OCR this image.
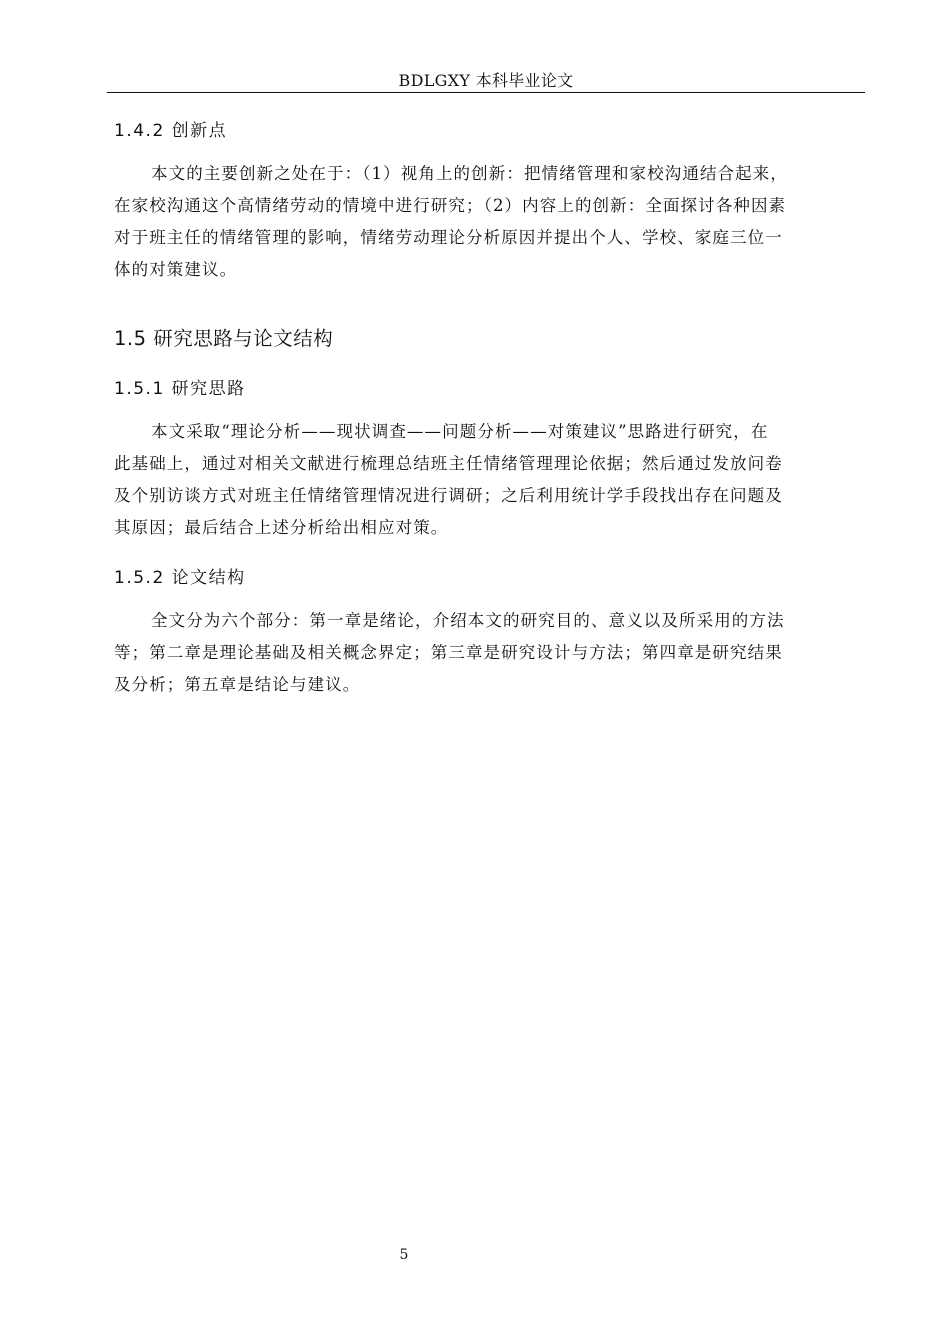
BDLGXY 本科毕业论文
1.4.2 创新点
本文的主要创新之处在于：（1）视角上的创新：把情绪管理和家校沟通结合起来，
在家校沟通这个高情绪劳动的情境中进行研究；（2）内容上的创新：全面探讨各种因素
对于班主任的情绪管理的影响，情绪劳动理论分析原因并提出个人、学校、家庭三位一
体的对策建议。
1.5 研究思路与论文结构
1.5.1 研究思路
本文采取“理论分析——现状调查——问题分析——对策建议”思路进行研究，在
此基础上，通过对相关文献进行梳理总结班主任情绪管理理论依据；然后通过发放问卷
及个别访谈方式对班主任情绪管理情况进行调研；之后利用统计学手段找出存在问题及
其原因；最后结合上述分析给出相应对策。
1.5.2 论文结构
全文分为六个部分：第一章是绪论，介绍本文的研究目的、意义以及所采用的方法
等；第二章是理论基础及相关概念界定；第三章是研究设计与方法；第四章是研究结果
及分析；第五章是结论与建议。
5
